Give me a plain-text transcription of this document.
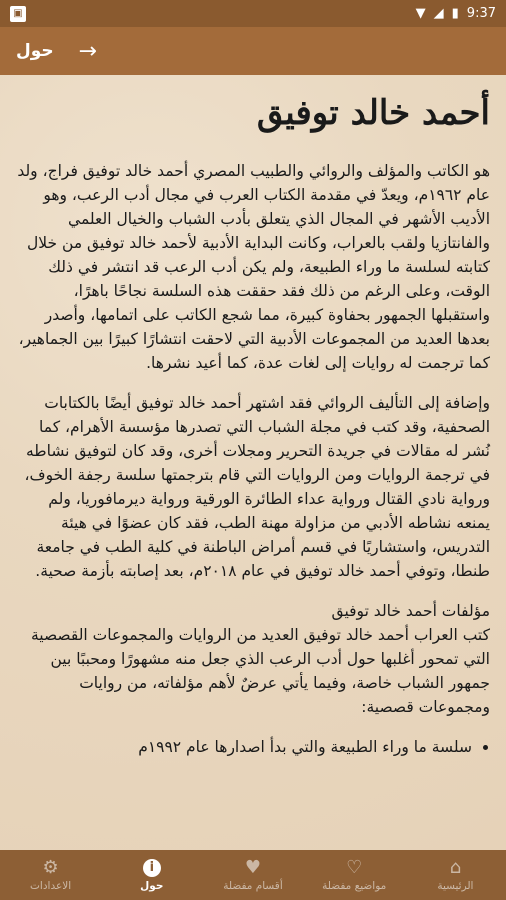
▣	▼ ◢ ▮ 9:37
→
حول
أحمد خالد توفيق

هو الكاتب والمؤلف والروائي والطبيب المصري أحمد خالد توفيق فراج، ولد عام ١٩٦٢م، ويعدّ في مقدمة الكتاب العرب في مجال أدب الرعب، وهو الأديب الأشهر في المجال الذي يتعلق بأدب الشباب والخيال العلمي والفانتازيا ولقب بالعراب، وكانت البداية الأدبية لأحمد خالد توفيق من خلال كتابته لسلسة ما وراء الطبيعة، ولم يكن أدب الرعب قد انتشر في ذلك الوقت، وعلى الرغم من ذلك فقد حققت هذه السلسة نجاحًا باهرًا، واستقبلها الجمهور بحفاوة كبيرة، مما شجع الكاتب على اتمامها، وأصدر بعدها العديد من المجموعات الأدبية التي لاحقت انتشارًا كبيرًا بين الجماهير، كما ترجمت له روايات إلى لغات عدة، كما أعيد نشرها.

وإضافة إلى التأليف الروائي فقد اشتهر أحمد خالد توفيق أيضًا بالكتابات الصحفية، وقد كتب في مجلة الشباب التي تصدرها مؤسسة الأهرام، كما نُشر له مقالات في جريدة التحرير ومجلات أخرى، وقد كان لتوفيق نشاطه في ترجمة الروايات ومن الروايات التي قام بترجمتها سلسة رجفة الخوف، ورواية نادي القتال ورواية عداء الطائرة الورقية ورواية ديرمافوريا، ولم يمنعه نشاطه الأدبي من مزاولة مهنة الطب، فقد كان عضوًا في هيئة التدريس، واستشاريًا في قسم أمراض الباطنة في كلية الطب في جامعة طنطا، وتوفي أحمد خالد توفيق في عام ٢٠١٨م، بعد إصابته بأزمة صحية.

مؤلفات أحمد خالد توفيق
كتب العراب أحمد خالد توفيق العديد من الروايات والمجموعات القصصية التي تمحور أغلبها حول أدب الرعب الذي جعل منه مشهورًا ومحببًا بين جمهور الشباب خاصة، وفيما يأتي عرضٌ لأهم مؤلفاته، من روايات ومجموعات قصصية:

• سلسة ما وراء الطبيعة والتي بدأ اصدارها عام ١٩٩٢م
⌂
الرئيسية
♡
مواضيع مفضلة
♥
أقسام مفضلة
i
حول
⚙
الاعدادات
